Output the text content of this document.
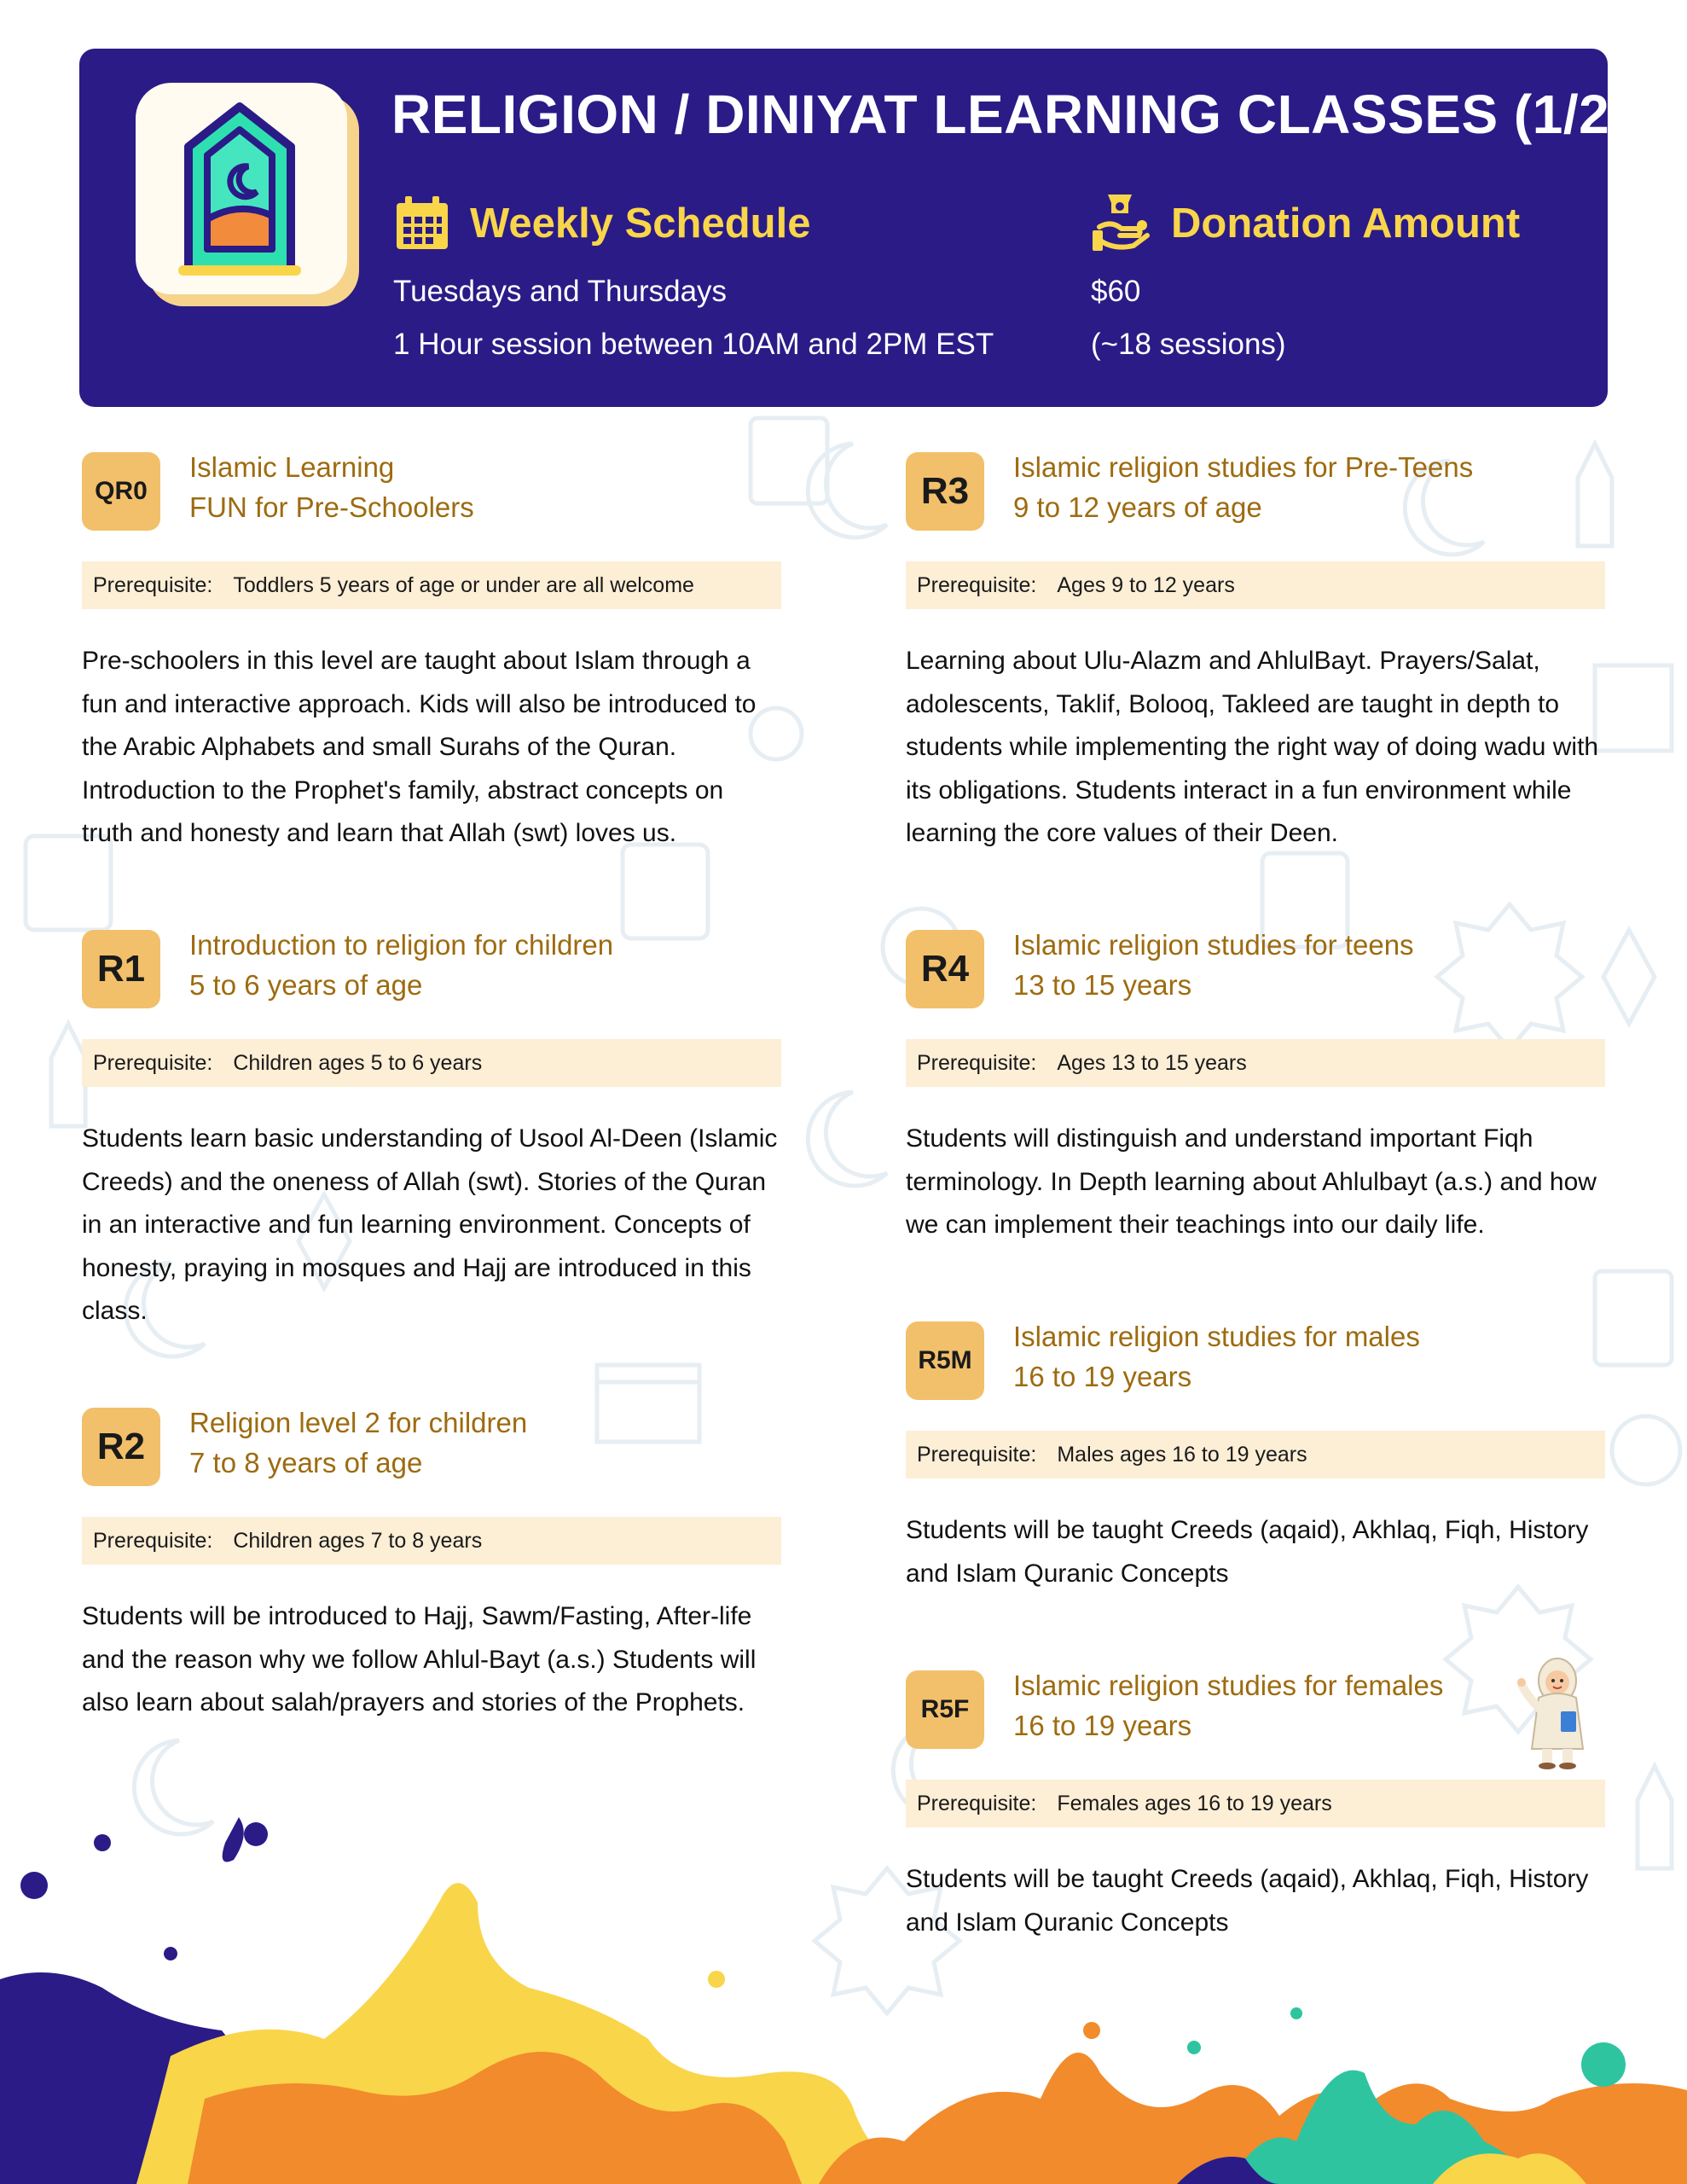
RELIGION / DINIYAT LEARNING CLASSES (1/2)
Weekly Schedule
Tuesdays and Thursdays
1 Hour session between 10AM and 2PM EST
Donation Amount
$60
(~18 sessions)
QR0
Islamic Learning
FUN for Pre-Schoolers
Prerequisite: Toddlers 5 years of age or under are all welcome
Pre-schoolers in this level are taught about Islam through a fun and interactive approach. Kids will also be introduced to the Arabic Alphabets and small Surahs of the Quran. Introduction to the Prophet's family, abstract concepts on truth and honesty and learn that Allah (swt) loves us.
R1
Introduction to religion for children
5 to 6 years of age
Prerequisite: Children ages 5 to 6 years
Students learn basic understanding of Usool Al-Deen (Islamic Creeds) and the oneness of Allah (swt). Stories of the Quran in an interactive and fun learning environment. Concepts of honesty, praying in mosques and Hajj are introduced in this class.
R2
Religion level 2 for children
7 to 8 years of age
Prerequisite: Children ages 7 to 8 years
Students will be introduced to Hajj, Sawm/Fasting, After-life and the reason why we follow Ahlul-Bayt (a.s.) Students will also learn about salah/prayers and stories of the Prophets.
R3
Islamic religion studies for Pre-Teens
9 to 12 years of age
Prerequisite: Ages 9 to 12 years
Learning about Ulu-Alazm and AhlulBayt. Prayers/Salat, adolescents, Taklif, Bolooq, Takleed are taught in depth to students while implementing the right way of doing wadu with its obligations. Students interact in a fun environment while learning the core values of their Deen.
R4
Islamic religion studies for teens
13 to 15 years
Prerequisite: Ages 13 to 15 years
Students will distinguish and understand important Fiqh terminology. In Depth learning about Ahlulbayt (a.s.) and how we can implement their teachings into our daily life.
R5M
Islamic religion studies for males
16 to 19 years
Prerequisite: Males ages 16 to 19 years
Students will be taught Creeds (aqaid), Akhlaq, Fiqh, History and Islam Quranic Concepts
R5F
Islamic religion studies for females
16 to 19 years
Prerequisite: Females ages 16 to 19 years
Students will be taught Creeds (aqaid), Akhlaq, Fiqh, History and Islam Quranic Concepts
